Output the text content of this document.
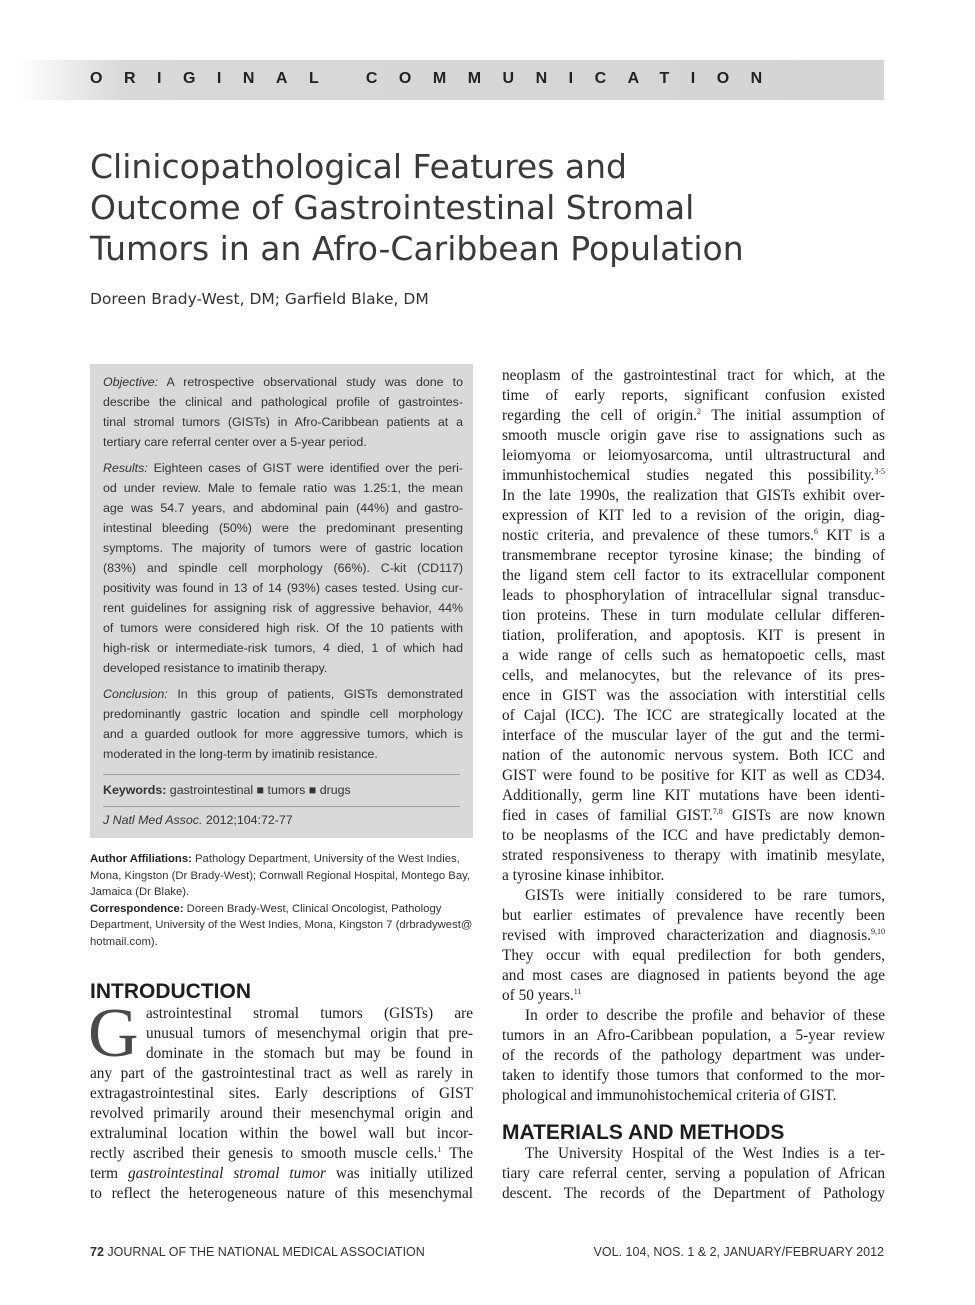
ORIGINAL COMMUNICATION
Clinicopathological Features and
Outcome of Gastrointestinal Stromal
Tumors in an Afro-Caribbean Population
Doreen Brady-West, DM; Garfield Blake, DM
Objective: A retrospective observational study was done to
describe the clinical and pathological profile of gastrointes-
tinal stromal tumors (GISTs) in Afro-Caribbean patients at a
tertiary care referral center over a 5-year period.
Results: Eighteen cases of GIST were identified over the peri-
od under review. Male to female ratio was 1.25:1, the mean
age was 54.7 years, and abdominal pain (44%) and gastro-
intestinal bleeding (50%) were the predominant presenting
symptoms. The majority of tumors were of gastric location
(83%) and spindle cell morphology (66%). C-kit (CD117)
positivity was found in 13 of 14 (93%) cases tested. Using cur-
rent guidelines for assigning risk of aggressive behavior, 44%
of tumors were considered high risk. Of the 10 patients with
high-risk or intermediate-risk tumors, 4 died, 1 of which had
developed resistance to imatinib therapy.
Conclusion: In this group of patients, GISTs demonstrated
predominantly gastric location and spindle cell morphology
and a guarded outlook for more aggressive tumors, which is
moderated in the long-term by imatinib resistance.
Keywords: gastrointestinal ■ tumors ■ drugs
J Natl Med Assoc. 2012;104:72-77
Author Affiliations: Pathology Department, University of the West Indies,
Mona, Kingston (Dr Brady-West); Cornwall Regional Hospital, Montego Bay,
Jamaica (Dr Blake).
Correspondence: Doreen Brady-West, Clinical Oncologist, Pathology
Department, University of the West Indies, Mona, Kingston 7 (drbradywest@
hotmail.com).
INTRODUCTION
G astrointestinal stromal tumors (GISTs) are
unusual tumors of mesenchymal origin that pre-
dominate in the stomach but may be found in
any part of the gastrointestinal tract as well as rarely in
extragastrointestinal sites. Early descriptions of GIST
revolved primarily around their mesenchymal origin and
extraluminal location within the bowel wall but incor-
rectly ascribed their genesis to smooth muscle cells.$^1$ The
term gastrointestinal stromal tumor was initially utilized
to reflect the heterogeneous nature of this mesenchymal
neoplasm of the gastrointestinal tract for which, at the
time of early reports, significant confusion existed
regarding the cell of origin.$^2$ The initial assumption of
smooth muscle origin gave rise to assignations such as
leiomyoma or leiomyosarcoma, until ultrastructural and
immunhistochemical studies negated this possibility.$^{3-5}$
In the late 1990s, the realization that GISTs exhibit over-
expression of KIT led to a revision of the origin, diag-
nostic criteria, and prevalence of these tumors.$^6$ KIT is a
transmembrane receptor tyrosine kinase; the binding of
the ligand stem cell factor to its extracellular component
leads to phosphorylation of intracellular signal transduc-
tion proteins. These in turn modulate cellular differen-
tiation, proliferation, and apoptosis. KIT is present in
a wide range of cells such as hematopoetic cells, mast
cells, and melanocytes, but the relevance of its pres-
ence in GIST was the association with interstitial cells
of Cajal (ICC). The ICC are strategically located at the
interface of the muscular layer of the gut and the termi-
nation of the autonomic nervous system. Both ICC and
GIST were found to be positive for KIT as well as CD34.
Additionally, germ line KIT mutations have been identi-
fied in cases of familial GIST.$^{7,8}$ GISTs are now known
to be neoplasms of the ICC and have predictably demon-
strated responsiveness to therapy with imatinib mesylate,
a tyrosine kinase inhibitor.
GISTs were initially considered to be rare tumors,
but earlier estimates of prevalence have recently been
revised with improved characterization and diagnosis.$^{9,10}$
They occur with equal predilection for both genders,
and most cases are diagnosed in patients beyond the age
of 50 years.$^{11}$
In order to describe the profile and behavior of these
tumors in an Afro-Caribbean population, a 5-year review
of the records of the pathology department was under-
taken to identify those tumors that conformed to the mor-
phological and immunohistochemical criteria of GIST.
MATERIALS AND METHODS
The University Hospital of the West Indies is a ter-
tiary care referral center, serving a population of African
descent. The records of the Department of Pathology
72 JOURNAL OF THE NATIONAL MEDICAL ASSOCIATION	VOL. 104, NOS. 1 & 2, JANUARY/FEBRUARY 2012
